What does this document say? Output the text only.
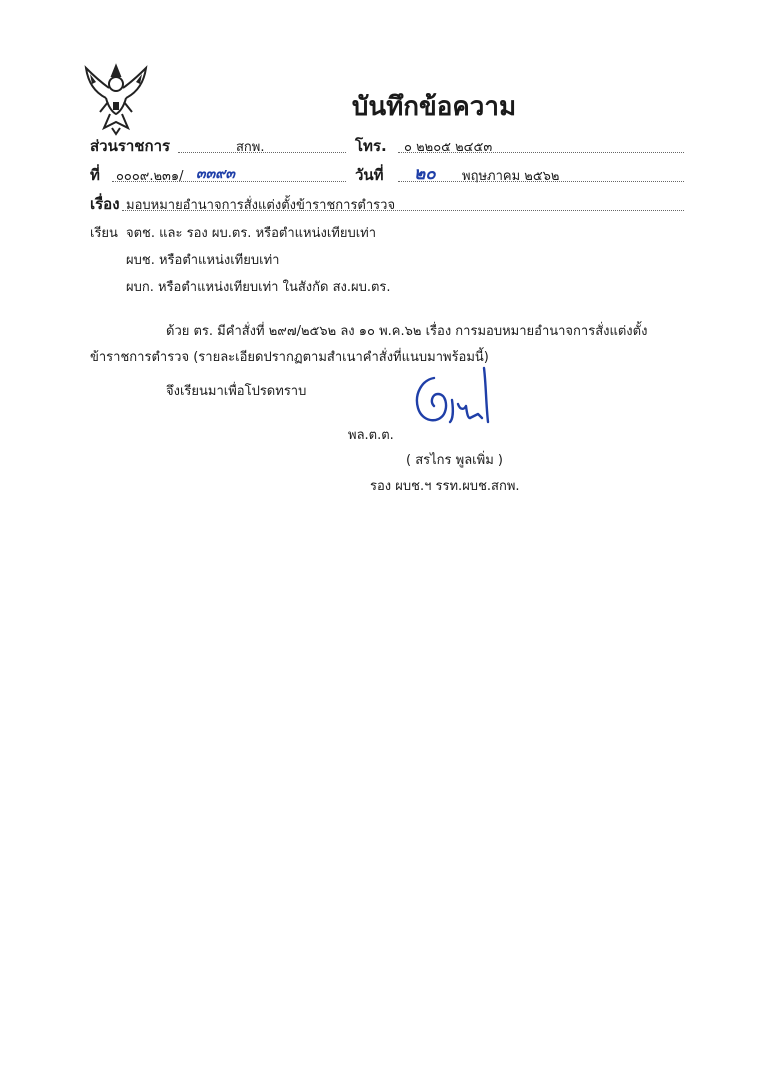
บันทึกข้อความ
ส่วนราชการ	สกพ.	โทร. ๐ ๒๒๐๕ ๒๔๕๓
ที่ ๐๐๐๙.๒๓๑/ ๓๓๙๓	วันที่ ๒๐ พฤษภาคม ๒๕๖๒
เรื่อง มอบหมายอำนาจการสั่งแต่งตั้งข้าราชการตำรวจ
เรียน จตช. และ รอง ผบ.ตร. หรือตำแหน่งเทียบเท่า
ผบช. หรือตำแหน่งเทียบเท่า
ผบก. หรือตำแหน่งเทียบเท่า ในสังกัด สง.ผบ.ตร.
ด้วย ตร. มีคำสั่งที่ ๒๙๗/๒๕๖๒ ลง ๑๐ พ.ค.๖๒ เรื่อง การมอบหมายอำนาจการสั่งแต่งตั้ง
ข้าราชการตำรวจ (รายละเอียดปรากฏตามสำเนาคำสั่งที่แนบมาพร้อมนี้)
จึงเรียนมาเพื่อโปรดทราบ
พล.ต.ต.
( สรไกร พูลเพิ่ม )
รอง ผบช.ฯ รรท.ผบช.สกพ.
